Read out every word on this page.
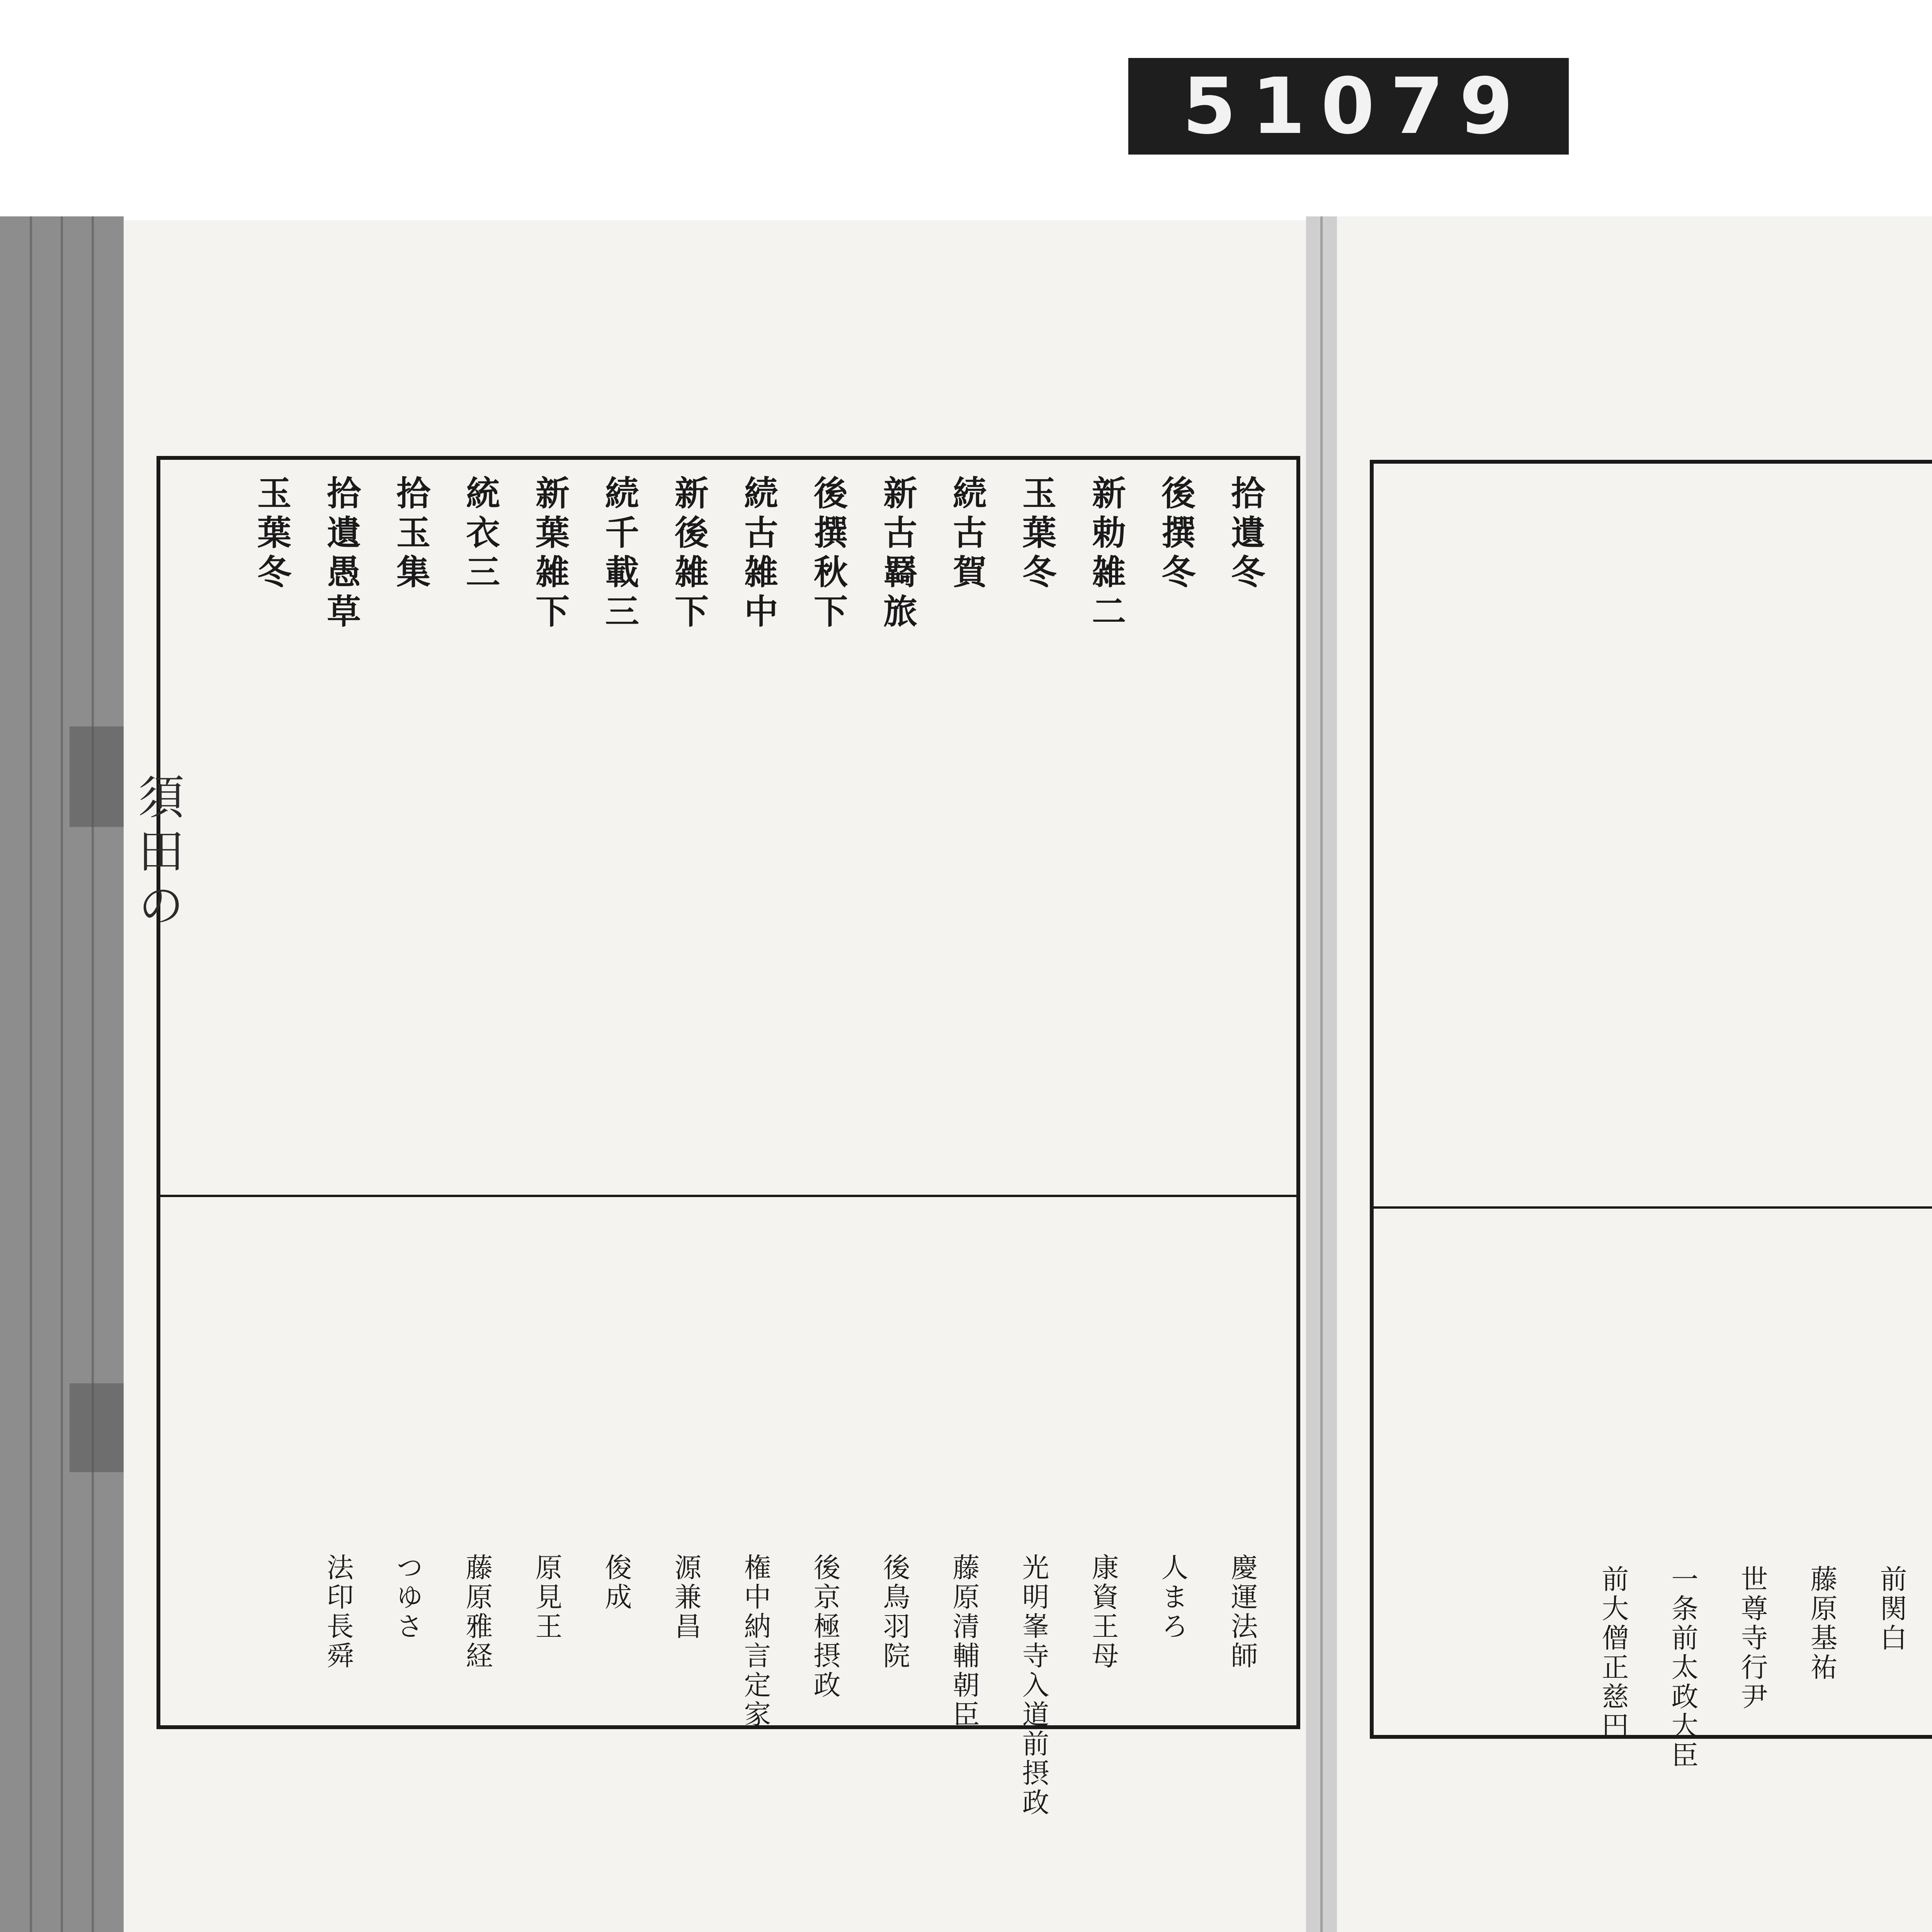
51 079
拾遺冬
後撰冬
新勅雑二
玉葉冬
続古賀
新古羇旅
後撰秋下
続古雑中
新後雑下
続千載三
新葉雑下
統衣三
拾玉集
拾遺愚草
玉葉冬
慶運法師
人まろ
康資王母
光明峯寺入道前摂政
藤原清輔朝臣
後鳥羽院
後京極摂政
権中納言定家
源兼昌
俊成
原見王
藤原雅経
つゆさ
法印長舜	前関白
藤原基祐
世尊寺行尹
一条前太政大臣
前大僧正慈円
須田の
